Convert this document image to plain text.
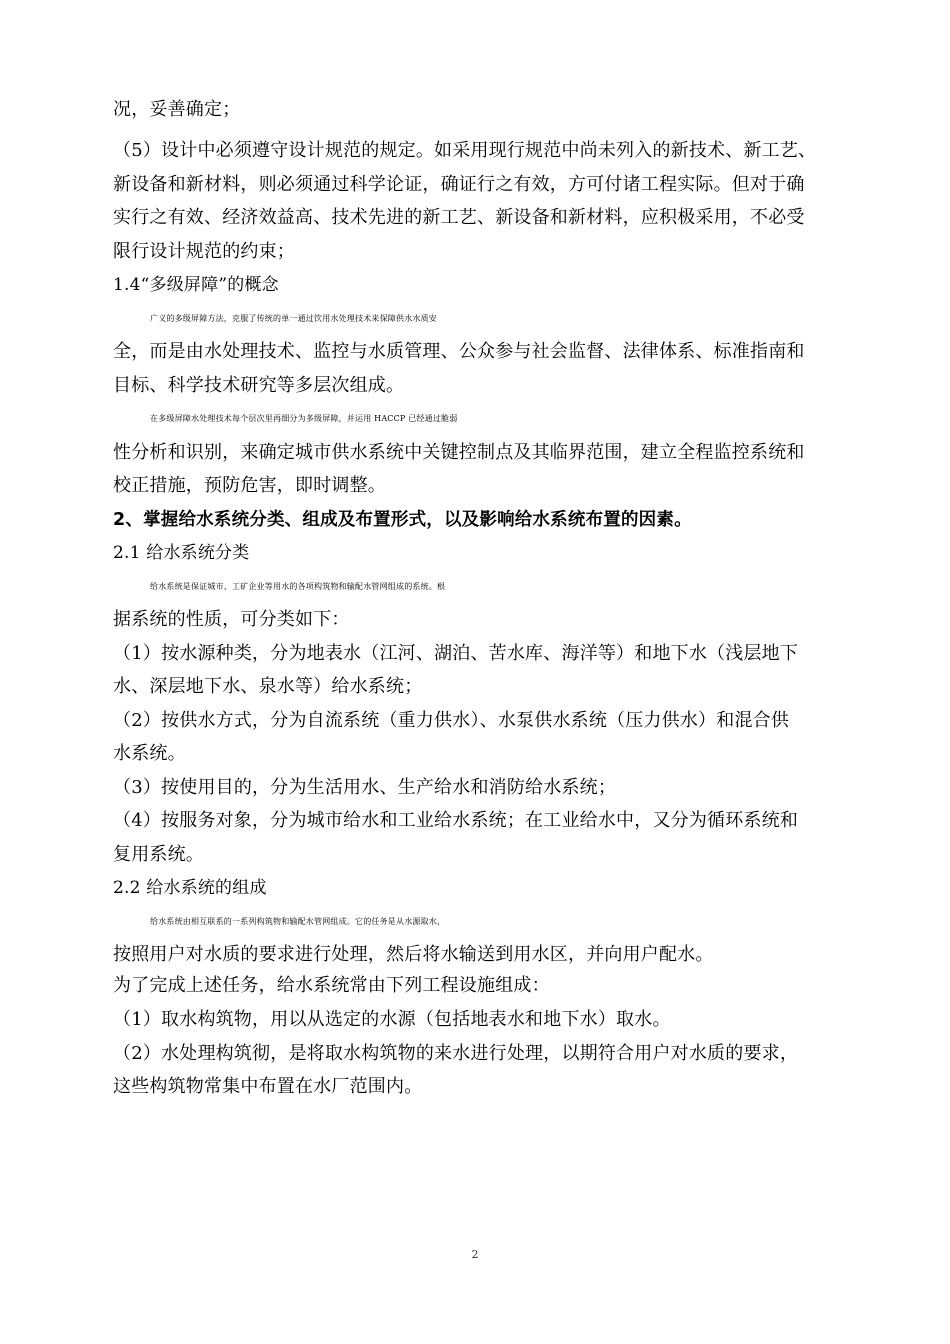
况，妥善确定；
（5）设计中必须遵守设计规范的规定。如采用现行规范中尚未列入的新技术、新工艺、
新设备和新材料，则必须通过科学论证，确证行之有效，方可付诸工程实际。但对于确
实行之有效、经济效益高、技术先进的新工艺、新设备和新材料，应积极采用，不必受
限行设计规范的约束；
1.4“多级屏障”的概念
广义的多级屏障方法，克服了传统的单一通过饮用水处理技术来保障供水水质安
全，而是由水处理技术、监控与水质管理、公众参与社会监督、法律体系、标准指南和
目标、科学技术研究等多层次组成。
在多级屏障水处理技术每个层次里再细分为多级屏障，并运用 HACCP 已经通过脆弱
性分析和识别，来确定城市供水系统中关键控制点及其临界范围，建立全程监控系统和
校正措施，预防危害，即时调整。
2、掌握给水系统分类、组成及布置形式，以及影响给水系统布置的因素。
2.1 给水系统分类
给水系统是保证城市、工矿企业等用水的各项构筑物和输配水管网组成的系统。根
据系统的性质，可分类如下：
（1）按水源种类，分为地表水（江河、湖泊、苦水库、海洋等）和地下水（浅层地下
水、深层地下水、泉水等）给水系统；
（2）按供水方式，分为自流系统（重力供水）、水泵供水系统（压力供水）和混合供
水系统。
（3）按使用目的，分为生活用水、生产给水和消防给水系统；
（4）按服务对象，分为城市给水和工业给水系统；在工业给水中，又分为循环系统和
复用系统。
2.2 给水系统的组成
给水系统由相互联系的一系列构筑物和输配水管网组成。它的任务是从水源取水，
按照用户对水质的要求进行处理，然后将水输送到用水区，并向用户配水。
为了完成上述任务，给水系统常由下列工程设施组成：
（1）取水构筑物，用以从选定的水源（包括地表水和地下水）取水。
（2）水处理构筑彻，是将取水构筑物的来水进行处理，以期符合用户对水质的要求，
这些构筑物常集中布置在水厂范围内。
2
